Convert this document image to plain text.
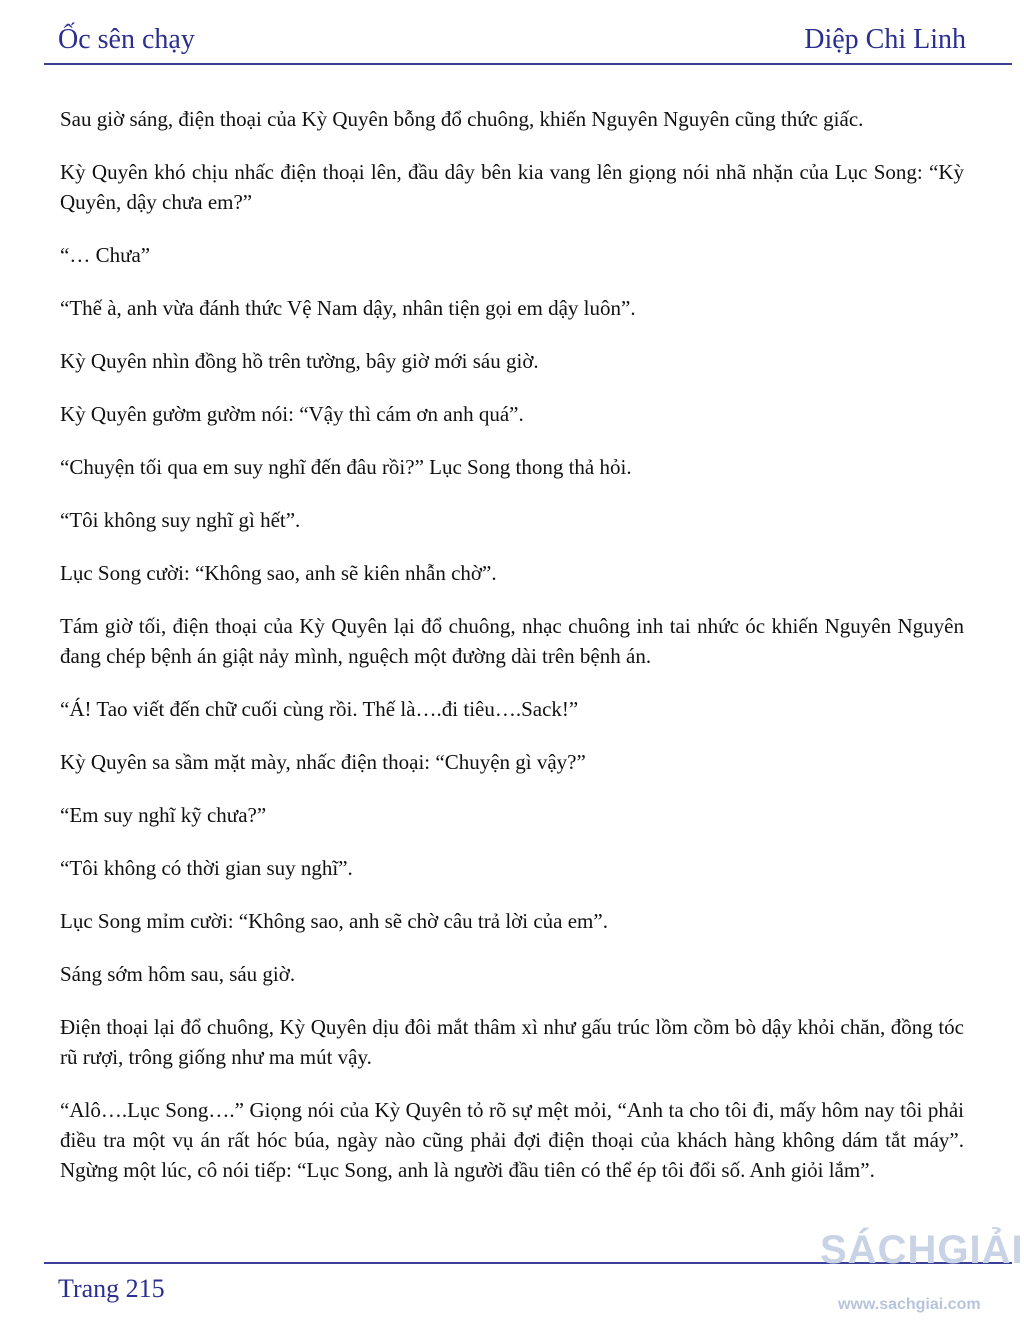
Ốc sên chạy	Diệp Chi Linh

Sau giờ sáng, điện thoại của Kỳ Quyên bỗng đổ chuông, khiến Nguyên Nguyên cũng thức giấc.

Kỳ Quyên khó chịu nhấc điện thoại lên, đầu dây bên kia vang lên giọng nói nhã nhặn của Lục Song: “Kỳ Quyên, dậy chưa em?”

“… Chưa”

“Thế à, anh vừa đánh thức Vệ Nam dậy, nhân tiện gọi em dậy luôn”.

Kỳ Quyên nhìn đồng hồ trên tường, bây giờ mới sáu giờ.

Kỳ Quyên gườm gườm nói: “Vậy thì cám ơn anh quá”.

“Chuyện tối qua em suy nghĩ đến đâu rồi?” Lục Song thong thả hỏi.

“Tôi không suy nghĩ gì hết”.

Lục Song cười: “Không sao, anh sẽ kiên nhẫn chờ”.

Tám giờ tối, điện thoại của Kỳ Quyên lại đổ chuông, nhạc chuông inh tai nhức óc khiến Nguyên Nguyên đang chép bệnh án giật nảy mình, nguệch một đường dài trên bệnh án.

“Á! Tao viết đến chữ cuối cùng rồi. Thế là….đi tiêu….Sack!”

Kỳ Quyên sa sầm mặt mày, nhấc điện thoại: “Chuyện gì vậy?”

“Em suy nghĩ kỹ chưa?”

“Tôi không có thời gian suy nghĩ”.

Lục Song mỉm cười: “Không sao, anh sẽ chờ câu trả lời của em”.

Sáng sớm hôm sau, sáu giờ.

Điện thoại lại đổ chuông, Kỳ Quyên dịu đôi mắt thâm xì như gấu trúc lồm cồm bò dậy khỏi chăn, đồng tóc rũ rượi, trông giống như ma mút vậy.

“Alô….Lục Song….” Giọng nói của Kỳ Quyên tỏ rõ sự mệt mỏi, “Anh ta cho tôi đi, mấy hôm nay tôi phải điều tra một vụ án rất hóc búa, ngày nào cũng phải đợi điện thoại của khách hàng không dám tắt máy”. Ngừng một lúc, cô nói tiếp: “Lục Song, anh là người đầu tiên có thể ép tôi đổi số. Anh giỏi lắm”.

Trang 215
SÁCHGIẢI
www.sachgiai.com
